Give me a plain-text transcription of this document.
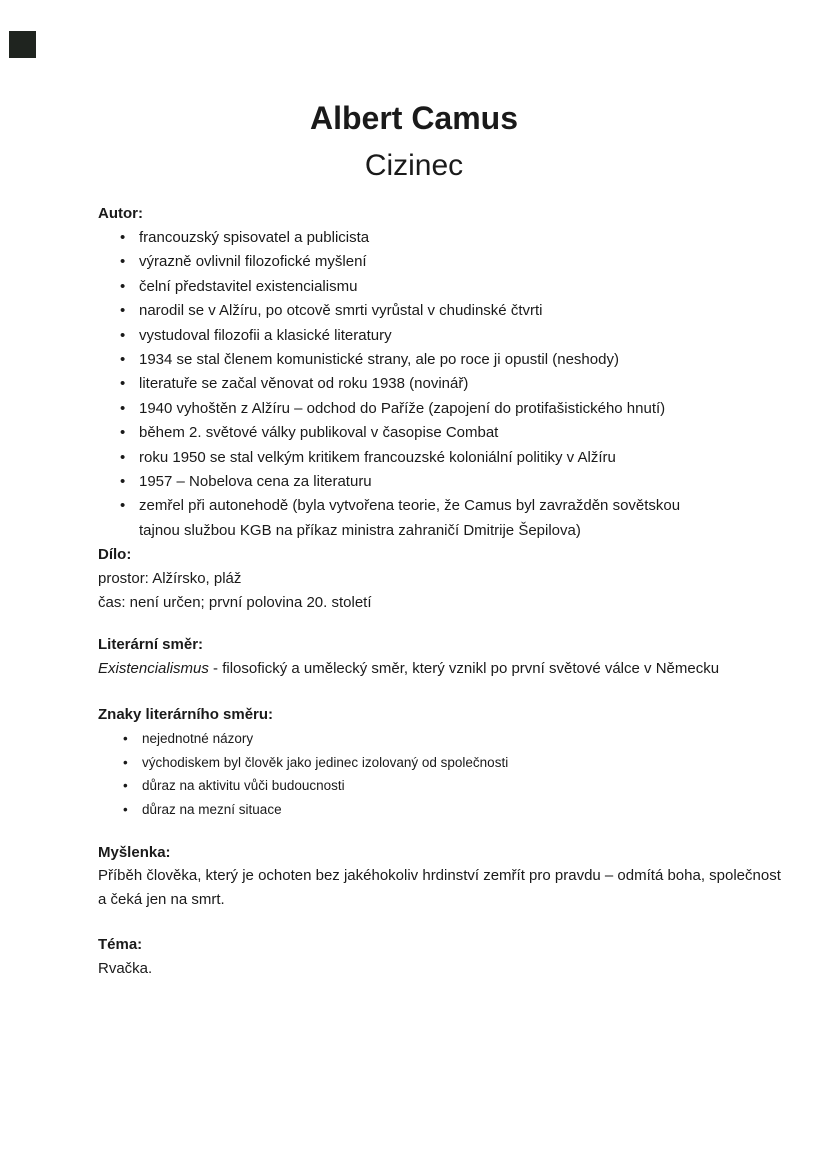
Albert Camus
Cizinec
Autor:
• francouzský spisovatel a publicista
• výrazně ovlivnil filozofické myšlení
• čelní představitel existencialismu
• narodil se v Alžíru, po otcově smrti vyrůstal v chudinské čtvrti
• vystudoval filozofii a klasické literatury
• 1934 se stal členem komunistické strany, ale po roce ji opustil (neshody)
• literatuře se začal věnovat od roku 1938 (novinář)
• 1940 vyhoštěn z Alžíru – odchod do Paříže (zapojení do protifašistického hnutí)
• během 2. světové války publikoval v časopise Combat
• roku 1950 se stal velkým kritikem francouzské koloniální politiky v Alžíru
• 1957 – Nobelova cena za literaturu
• zemřel při autonehodě (byla vytvořena teorie, že Camus byl zavražděn sovětskou tajnou službou KGB na příkaz ministra zahraničí Dmitrije Šepilova)
Dílo:
prostor: Alžírsko, pláž
čas: není určen; první polovina 20. století
Literární směr:
Existencialismus - filosofický a umělecký směr, který vznikl po první světové válce v Německu
Znaky literárního směru:
• nejednotné názory
• východiskem byl člověk jako jedinec izolovaný od společnosti
• důraz na aktivitu vůči budoucnosti
• důraz na mezní situace
Myšlenka:
Příběh člověka, který je ochoten bez jakéhokoliv hrdinství zemřít pro pravdu – odmítá boha, společnost a čeká jen na smrt.
Téma:
Rvačka.
